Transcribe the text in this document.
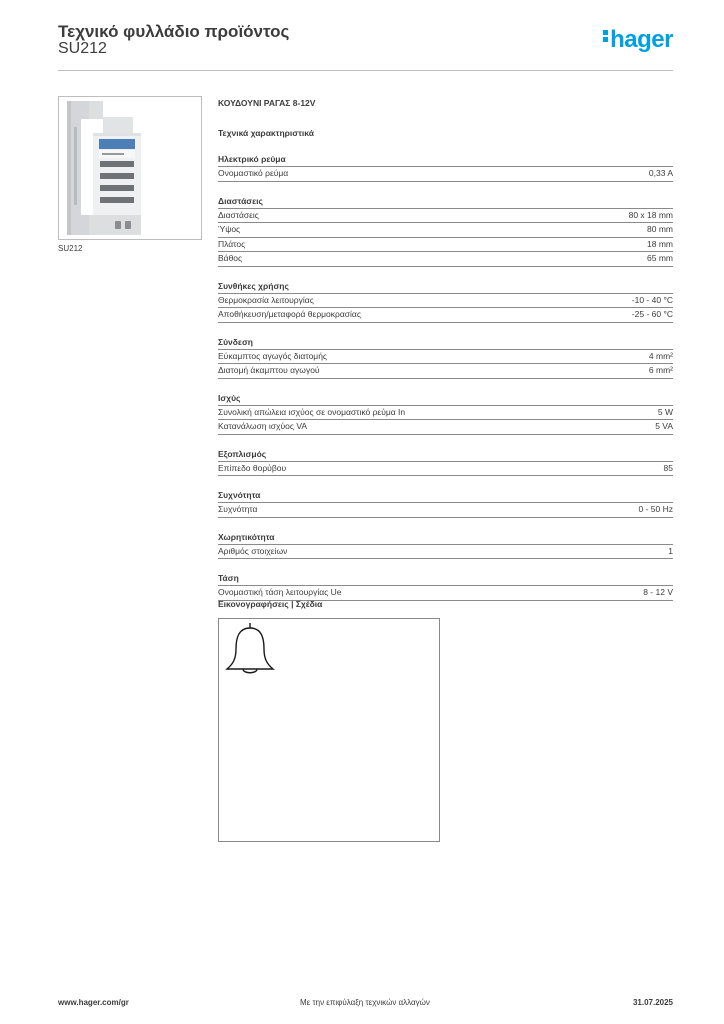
Τεχνικό φυλλάδιο προϊόντος
SU212	hager
SU212
ΚΟΥΔΟΥΝΙ ΡΑΓΑΣ 8-12V
Τεχνικά χαρακτηριστικά
Ηλεκτρικό ρεύμα
Ονομαστικό ρεύμα	0,33 A
Διαστάσεις
Διαστάσεις	80 x 18 mm
Ύψος	80 mm
Πλάτος	18 mm
Βάθος	65 mm
Συνθήκες χρήσης
Θερμοκρασία λειτουργίας	-10 - 40 °C
Αποθήκευση/μεταφορά θερμοκρασίας	-25 - 60 °C
Σύνδεση
Εύκαμπτος αγωγός διατομής	4 mm²
Διατομή άκαμπτου αγωγού	6 mm²
Ισχύς
Συνολική απώλεια ισχύος σε ονομαστικό ρεύμα In	5 W
Κατανάλωση ισχύος VA	5 VA
Εξοπλισμός
Επίπεδο θορύβου	85
Συχνότητα
Συχνότητα	0 - 50 Hz
Χωρητικότητα
Αριθμός στοιχείων	1
Τάση
Ονομαστική τάση λειτουργίας Ue	8 - 12 V
Εικονογραφήσεις | Σχέδια
www.hager.com/gr	Με την επιφύλαξη τεχνικών αλλαγών	31.07.2025
